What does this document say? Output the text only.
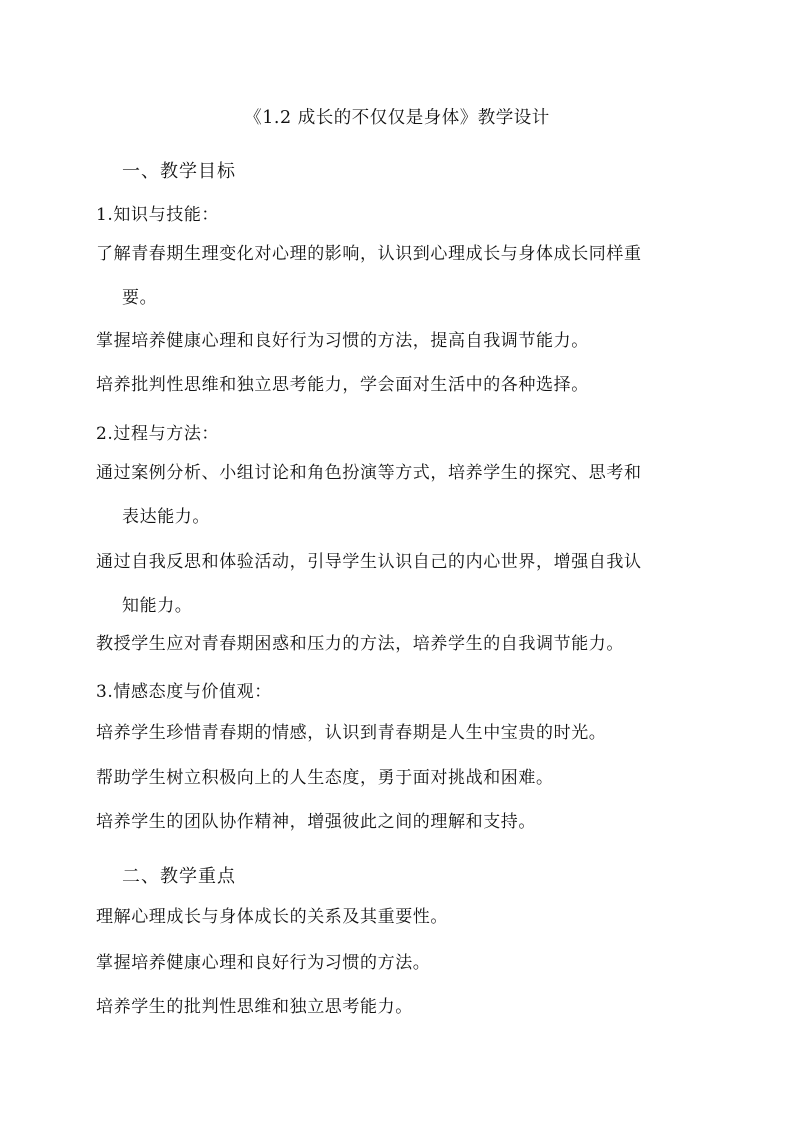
《1.2 成长的不仅仅是身体》教学设计

一、教学目标

1.知识与技能：

了解青春期生理变化对心理的影响，认识到心理成长与身体成长同样重
要。

掌握培养健康心理和良好行为习惯的方法，提高自我调节能力。

培养批判性思维和独立思考能力，学会面对生活中的各种选择。

2.过程与方法：

通过案例分析、小组讨论和角色扮演等方式，培养学生的探究、思考和
表达能力。

通过自我反思和体验活动，引导学生认识自己的内心世界，增强自我认
知能力。

教授学生应对青春期困惑和压力的方法，培养学生的自我调节能力。

3.情感态度与价值观：

培养学生珍惜青春期的情感，认识到青春期是人生中宝贵的时光。

帮助学生树立积极向上的人生态度，勇于面对挑战和困难。

培养学生的团队协作精神，增强彼此之间的理解和支持。

二、教学重点

理解心理成长与身体成长的关系及其重要性。

掌握培养健康心理和良好行为习惯的方法。

培养学生的批判性思维和独立思考能力。
